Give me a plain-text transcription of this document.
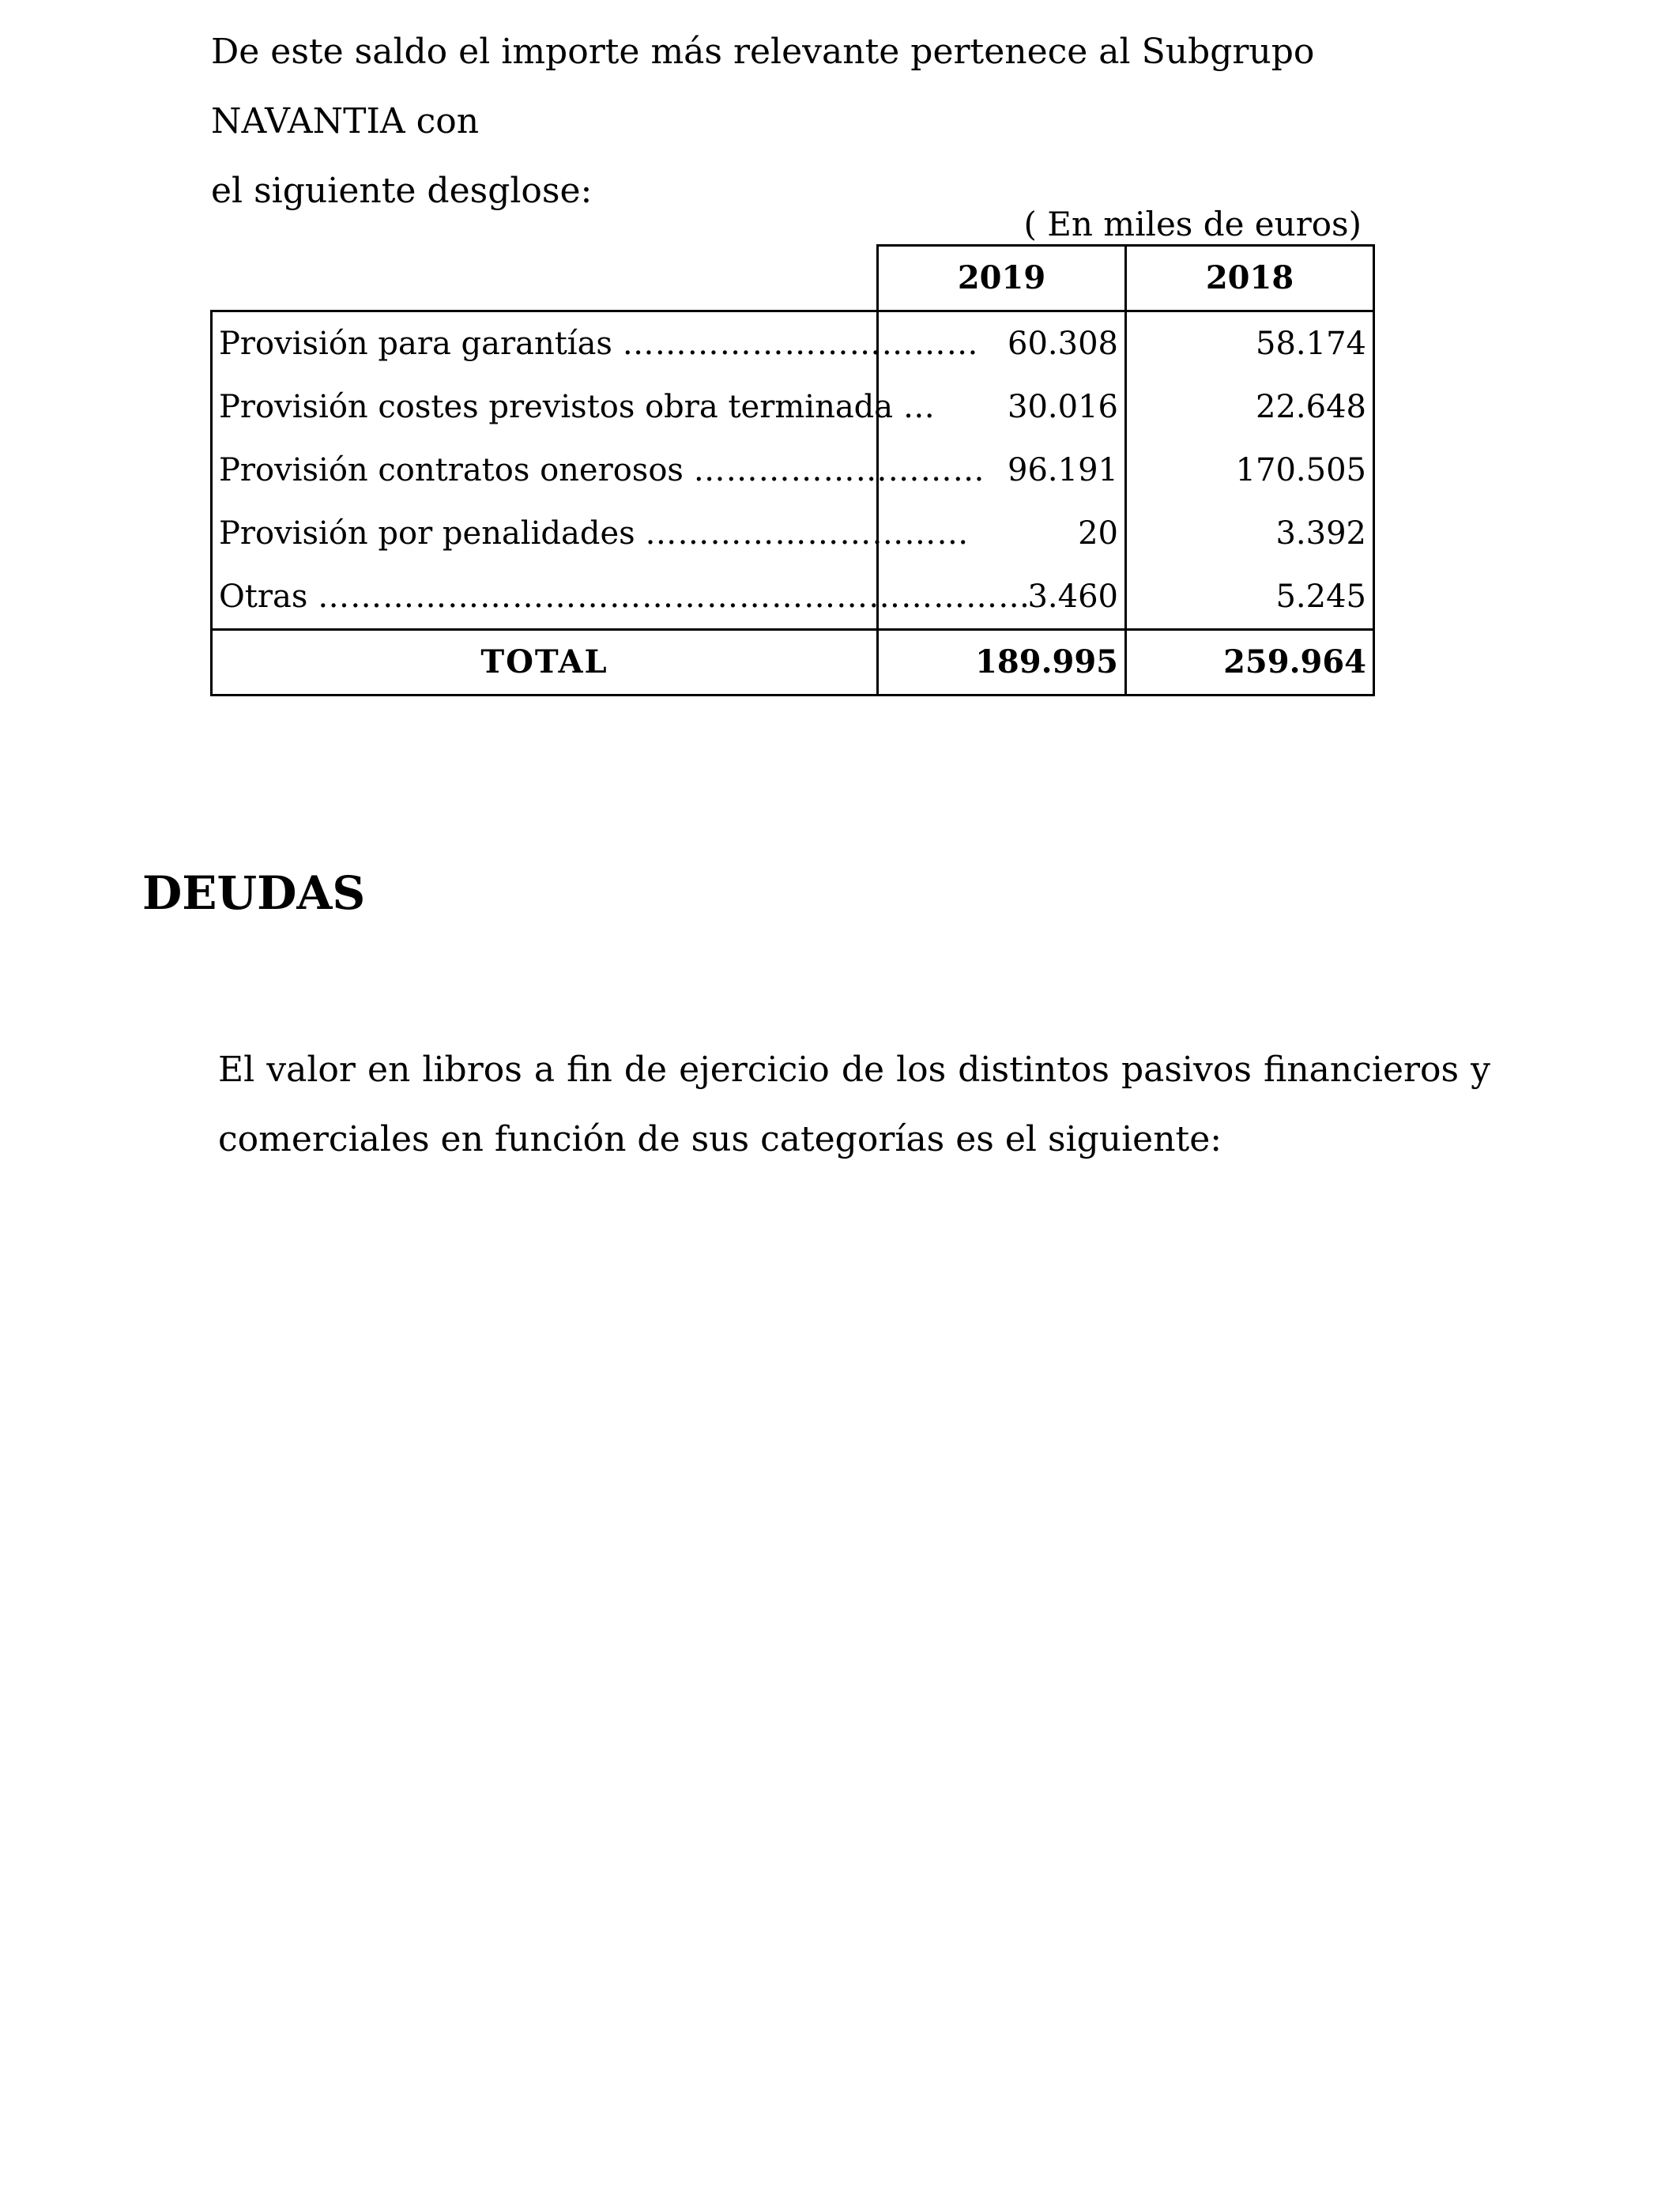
De este saldo el importe más relevante pertenece al Subgrupo NAVANTIA con
el siguiente desglose:

( En miles de euros)
	2019	2018
Provisión para garantías ……………………………	60.308	58.174
Provisión costes previstos obra terminada …	30.016	22.648
Provisión contratos onerosos ………………………	96.191	170.505
Provisión por penalidades …………………………	20	3.392
Otras …………………………………………………………	3.460	5.245
TOTAL	189.995	259.964
DEUDAS

El valor en libros a fin de ejercicio de los distintos pasivos financieros y comerciales en función de sus categorías es el siguiente:
